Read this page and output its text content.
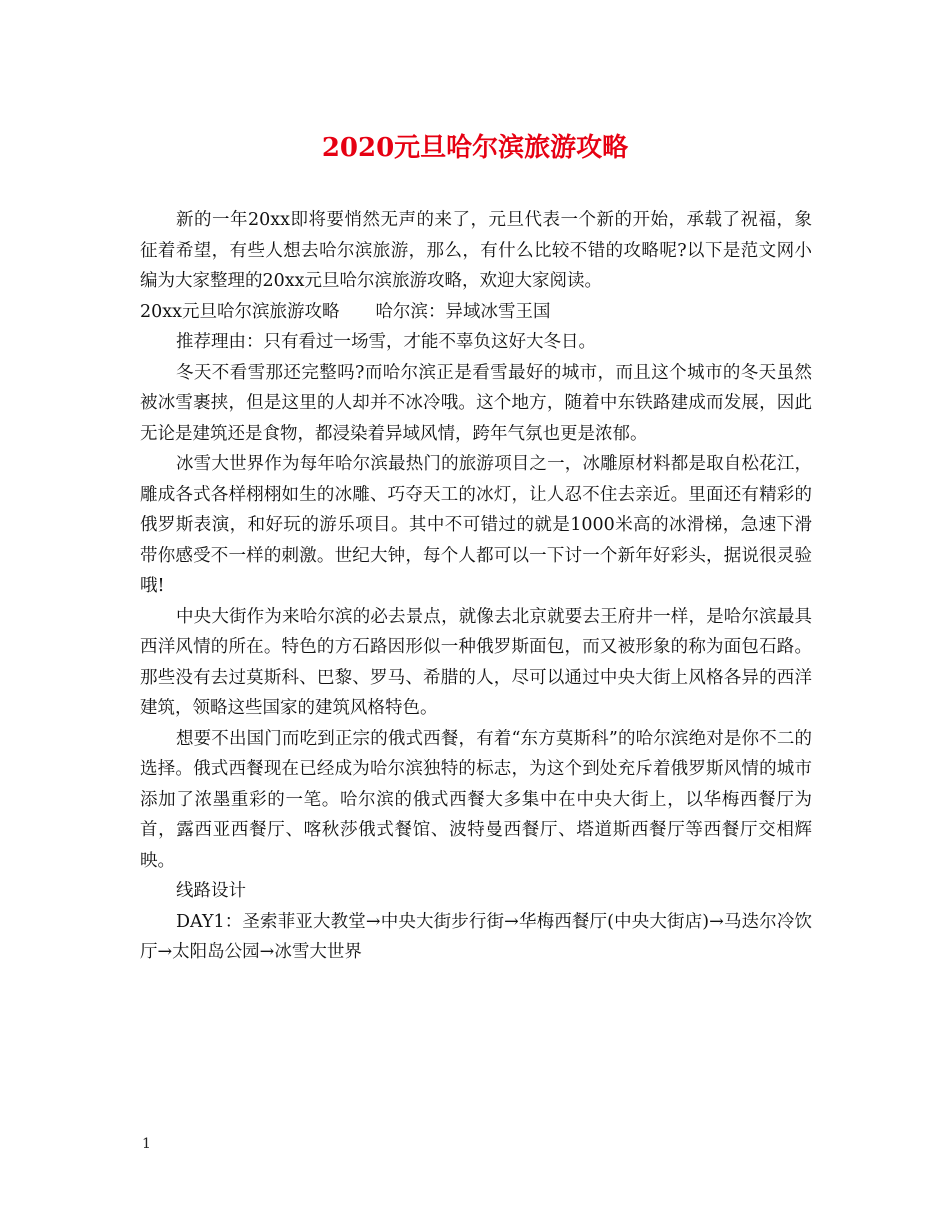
2020元旦哈尔滨旅游攻略

新的一年20xx即将要悄然无声的来了，元旦代表一个新的开始，承载了祝福，象征着希望，有些人想去哈尔滨旅游，那么，有什么比较不错的攻略呢?以下是范文网小编为大家整理的20xx元旦哈尔滨旅游攻略，欢迎大家阅读。

20xx元旦哈尔滨旅游攻略 哈尔滨：异域冰雪王国

推荐理由：只有看过一场雪，才能不辜负这好大冬日。

冬天不看雪那还完整吗?而哈尔滨正是看雪最好的城市，而且这个城市的冬天虽然被冰雪裹挟，但是这里的人却并不冰冷哦。这个地方，随着中东铁路建成而发展，因此无论是建筑还是食物，都浸染着异域风情，跨年气氛也更是浓郁。

冰雪大世界作为每年哈尔滨最热门的旅游项目之一，冰雕原材料都是取自松花江，雕成各式各样栩栩如生的冰雕、巧夺天工的冰灯，让人忍不住去亲近。里面还有精彩的俄罗斯表演，和好玩的游乐项目。其中不可错过的就是1000米高的冰滑梯，急速下滑带你感受不一样的刺激。世纪大钟，每个人都可以一下讨一个新年好彩头，据说很灵验哦!

中央大街作为来哈尔滨的必去景点，就像去北京就要去王府井一样，是哈尔滨最具西洋风情的所在。特色的方石路因形似一种俄罗斯面包，而又被形象的称为面包石路。那些没有去过莫斯科、巴黎、罗马、希腊的人，尽可以通过中央大街上风格各异的西洋建筑，领略这些国家的建筑风格特色。

想要不出国门而吃到正宗的俄式西餐，有着“东方莫斯科”的哈尔滨绝对是你不二的选择。俄式西餐现在已经成为哈尔滨独特的标志，为这个到处充斥着俄罗斯风情的城市添加了浓墨重彩的一笔。哈尔滨的俄式西餐大多集中在中央大街上，以华梅西餐厅为首，露西亚西餐厅、喀秋莎俄式餐馆、波特曼西餐厅、塔道斯西餐厅等西餐厅交相辉映。

线路设计

DAY1：圣索菲亚大教堂→中央大街步行街→华梅西餐厅(中央大街店)→马迭尔冷饮厅→太阳岛公园→冰雪大世界

1
